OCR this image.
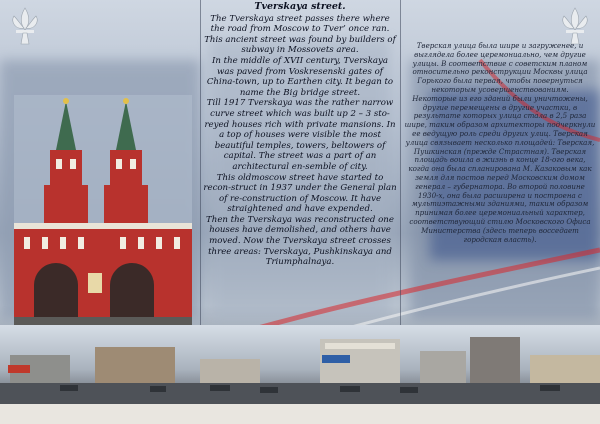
Tverskaya street.

The Tverskaya street passes there where the road from Moscow to Tver’ once ran. This ancient street was found by builders of subway in Mossovets area.

In the middle of XVII century, Tverskaya was paved from Voskresenski gates of China-town, up to Earthen city. It began to name the Big bridge street.

Till 1917 Tverskaya was the rather narrow curve street which was built up 2 – 3 sto-reyed houses rich with private mansions. In a top of houses were visible the most beautiful temples, towers, beltowers of capital. The street was a part of an architectural en-semble of city.

This oldmoscow street have started to recon-struct in 1937 under the General plan of re-construction of Moscow. It have straightened and have expended.

Then the Tverskaya was reconstructed one houses have demolished, and others have moved. Now the Tverskaya street crosses three areas: Tverskaya, Pushkinskaya and Triumphalnaya.

Тверская улица была шире и загруженее, и выглядела более церемониально, чем другие улицы. В соответствие с советским планом относительно реконструкции Москвы улица Горького была первая, чтобы повернуться некоторым усовершенствованиям.

Некоторые из его зданий были уничтожены, другие перемещены в другие участки, в результате которых улица стала в 2,5 раза шире, таким образом архитекторы подчеркнули ее ведущую роль среди других улиц. Тверская улица связывает несколько площадей: Тверская, Пушкинская (прежде Страстная). Тверская площадь вошла в жизнь в конце 18-ого века, когда она была спланирована М. Казаковым как земля для постов перед Московским домом генерал – губернатора. Во второй половине 1930-х, она была расширена и построена с мультиэтажными зданиями, таким образом принимая более церемониальный характер, соответствующий стилю Московского Офиса Министерства (здесь теперь восседает городская власть).
